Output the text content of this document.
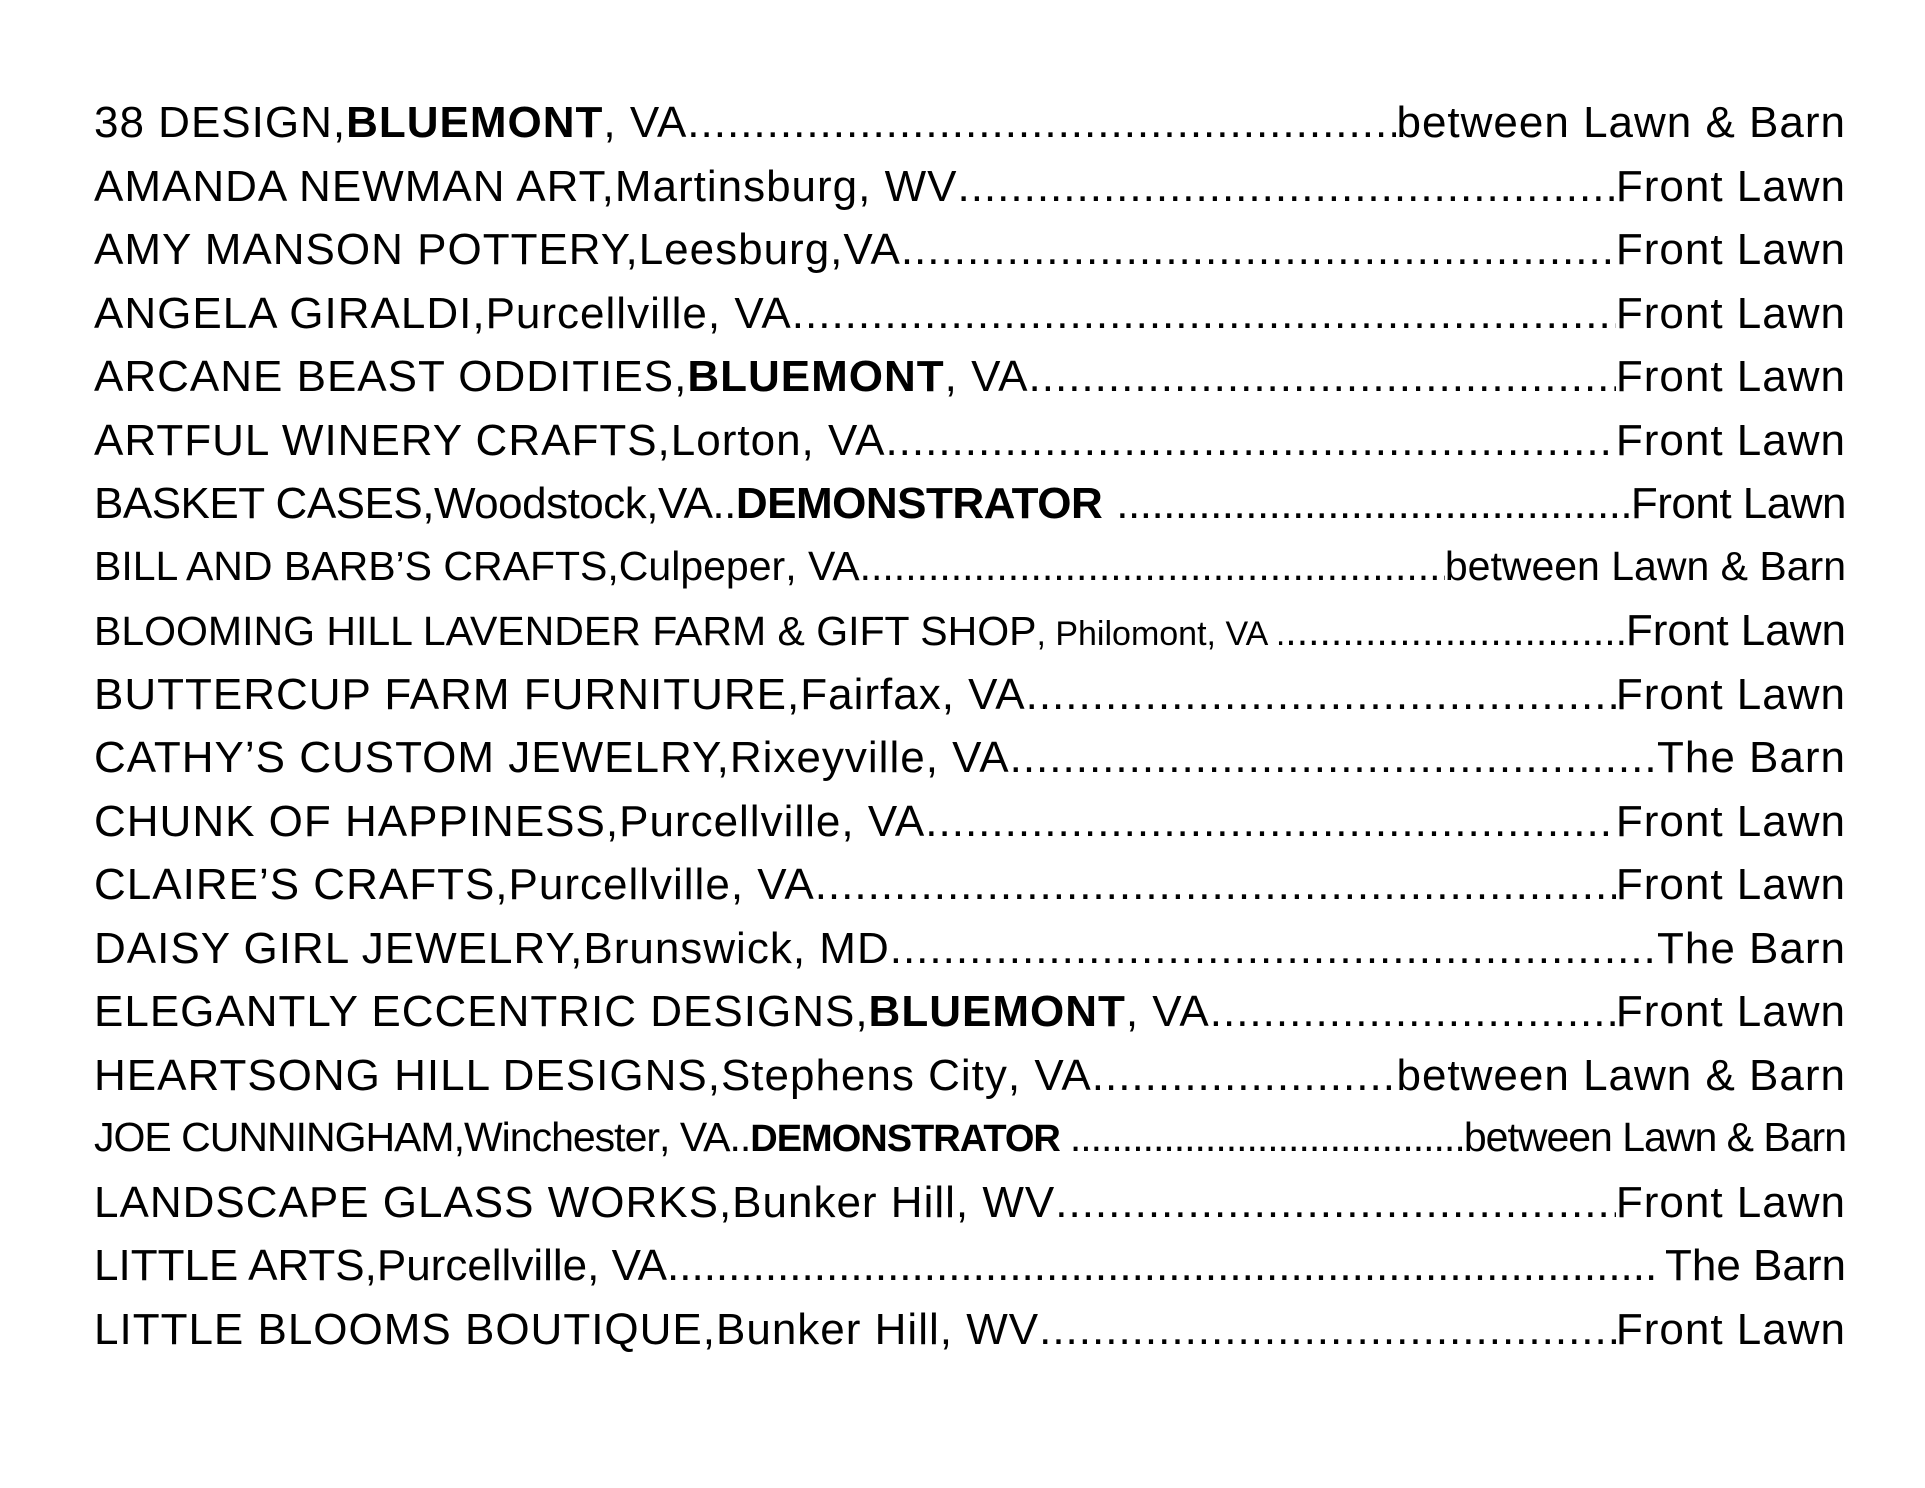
38 DESIGN, BLUEMONT , VA .....	between Lawn & Barn
AMANDA NEWMAN ART, Martinsburg , WV .....	Front Lawn
AMY MANSON POTTERY, Leesburg ,VA .....	Front Lawn
ANGELA GIRALDI, Purcellville , VA .....	Front Lawn
ARCANE BEAST ODDITIES, BLUEMONT , VA .....	Front Lawn
ARTFUL WINERY CRAFTS, Lorton , VA .....	Front Lawn
BASKET CASES, Woodstock ,VA.. DEMONSTRATOR .....	Front Lawn
BILL AND BARB’S CRAFTS, Culpeper , VA .....	between Lawn & Barn
BLOOMING HILL LAVENDER FARM & GIFT SHOP , Philomont , VA . .....	Front Lawn
BUTTERCUP FARM FURNITURE, Fairfax , VA .....	Front Lawn
CATHY’S CUSTOM JEWELRY, Rixeyville , VA .....	The Barn
CHUNK OF HAPPINESS, Purcellville , VA .....	Front Lawn
CLAIRE’S CRAFTS, Purcellville , VA .....	Front Lawn
DAISY GIRL JEWELRY, Brunswick , MD .....	The Barn
ELEGANTLY ECCENTRIC DESIGNS, BLUEMONT , VA .....	Front Lawn
HEARTSONG HILL DESIGNS, Stephens City , VA. .....	between Lawn & Barn
JOE CUNNINGHAM, Winchester , VA.. DEMONSTRATOR .....	between Lawn & Barn
LANDSCAPE GLASS WORKS, Bunker Hill , WV .....	Front Lawn
LITTLE ARTS, Purcellville , VA .....	The Barn
LITTLE BLOOMS BOUTIQUE, Bunker Hill , WV .....	Front Lawn
